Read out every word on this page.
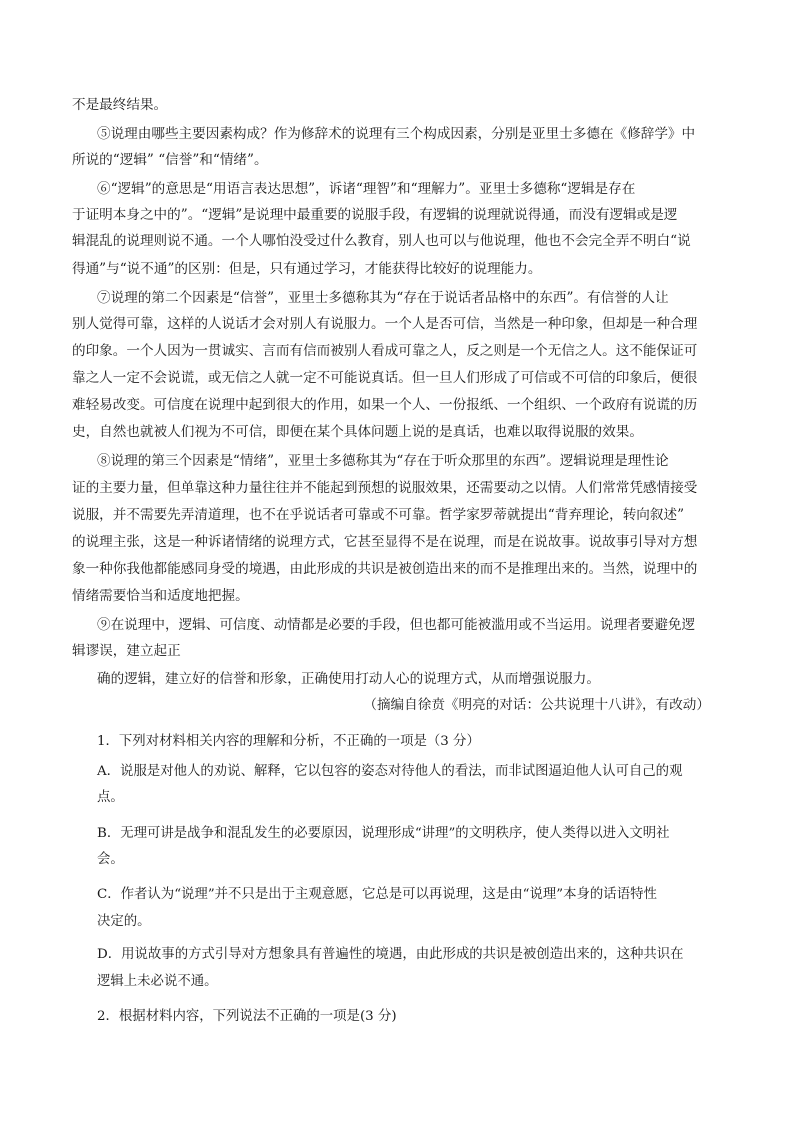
不是最终结果。
⑤说理由哪些主要因素构成？作为修辞术的说理有三个构成因素，分别是亚里士多德在《修辞学》中
所说的“逻辑” “信誉”和“情绪”。
⑥“逻辑”的意思是“用语言表达思想”，诉诸“理智”和“理解力”。亚里士多德称“逻辑是存在
于证明本身之中的”。“逻辑”是说理中最重要的说服手段，有逻辑的说理就说得通，而没有逻辑或是逻
辑混乱的说理则说不通。一个人哪怕没受过什么教育，别人也可以与他说理，他也不会完全弄不明白“说
得通”与“说不通”的区别：但是，只有通过学习，才能获得比较好的说理能力。
⑦说理的第二个因素是“信誉”，亚里士多德称其为“存在于说话者品格中的东西”。有信誉的人让
别人觉得可靠，这样的人说话才会对别人有说服力。一个人是否可信，当然是一种印象，但却是一种合理
的印象。一个人因为一贯诚实、言而有信而被别人看成可靠之人，反之则是一个无信之人。这不能保证可
靠之人一定不会说谎，或无信之人就一定不可能说真话。但一旦人们形成了可信或不可信的印象后，便很
难轻易改变。可信度在说理中起到很大的作用，如果一个人、一份报纸、一个组织、一个政府有说谎的历
史，自然也就被人们视为不可信，即便在某个具体问题上说的是真话，也难以取得说服的效果。
⑧说理的第三个因素是“情绪”，亚里士多德称其为“存在于听众那里的东西”。逻辑说理是理性论
证的主要力量，但单靠这种力量往往并不能起到预想的说服效果，还需要动之以情。人们常常凭感情接受
说服，并不需要先弄清道理，也不在乎说话者可靠或不可靠。哲学家罗蒂就提出“背弃理论，转向叙述”
的说理主张，这是一种诉诸情绪的说理方式，它甚至显得不是在说理，而是在说故事。说故事引导对方想
象一种你我他都能感同身受的境遇，由此形成的共识是被创造出来的而不是推理出来的。当然，说理中的
情绪需要恰当和适度地把握。
⑨在说理中，逻辑、可信度、动情都是必要的手段，但也都可能被滥用或不当运用。说理者要避免逻
辑谬误，建立起正
确的逻辑，建立好的信誉和形象，正确使用打动人心的说理方式，从而增强说服力。
（摘编自徐贲《明亮的对话：公共说理十八讲》，有改动）
1．下列对材料相关内容的理解和分析，不正确的一项是（3 分）
A．说服是对他人的劝说、解释，它以包容的姿态对待他人的看法，而非试图逼迫他人认可自己的观
点。
B．无理可讲是战争和混乱发生的必要原因，说理形成“讲理”的文明秩序，使人类得以进入文明社
会。
C．作者认为“说理”并不只是出于主观意愿，它总是可以再说理，这是由“说理”本身的话语特性
决定的。
D．用说故事的方式引导对方想象具有普遍性的境遇，由此形成的共识是被创造出来的，这种共识在
逻辑上未必说不通。
2．根据材料内容，下列说法不正确的一项是(3 分)
